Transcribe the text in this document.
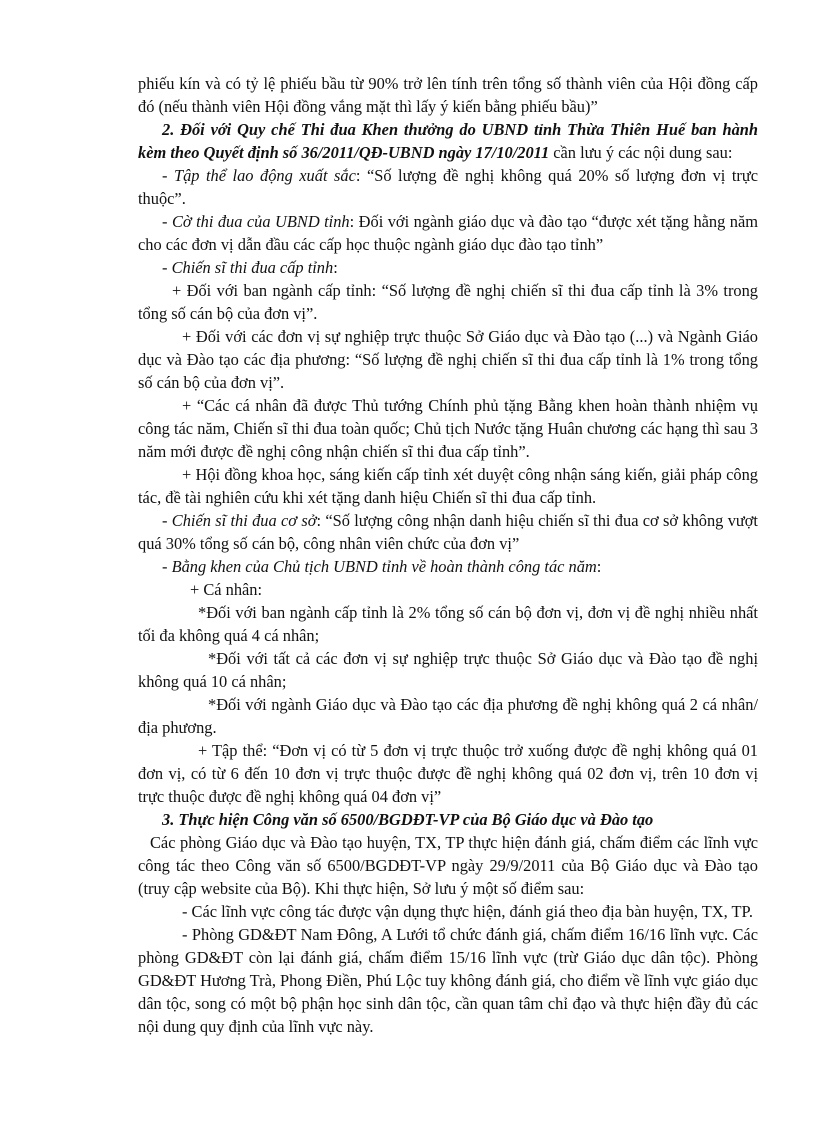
phiếu kín và có tỷ lệ phiếu bầu từ 90% trở lên tính trên tổng số thành viên của Hội đồng cấp đó (nếu thành viên Hội đồng vắng mặt thì lấy ý kiến bằng phiếu bầu)”

2. Đối với Quy chế Thi đua Khen thưởng do UBND tỉnh Thừa Thiên Huế ban hành kèm theo Quyết định số 36/2011/QĐ-UBND ngày 17/10/2011 cần lưu ý các nội dung sau:

- Tập thể lao động xuất sắc: “Số lượng đề nghị không quá 20% số lượng đơn vị trực thuộc”.

- Cờ thi đua của UBND tỉnh: Đối với ngành giáo dục và đào tạo “được xét tặng hằng năm cho các đơn vị dẫn đầu các cấp học thuộc ngành giáo dục đào tạo tỉnh”

- Chiến sĩ thi đua cấp tỉnh:

+ Đối với ban ngành cấp tỉnh: “Số lượng đề nghị chiến sĩ thi đua cấp tỉnh là 3% trong tổng số cán bộ của đơn vị”.

+ Đối với các đơn vị sự nghiệp trực thuộc Sở Giáo dục và Đào tạo (...) và Ngành Giáo dục và Đào tạo các địa phương: “Số lượng đề nghị chiến sĩ thi đua cấp tỉnh là 1% trong tổng số cán bộ của đơn vị”.

+ “Các cá nhân đã được Thủ tướng Chính phủ tặng Bằng khen hoàn thành nhiệm vụ công tác năm, Chiến sĩ thi đua toàn quốc; Chủ tịch Nước tặng Huân chương các hạng thì sau 3 năm mới được đề nghị công nhận chiến sĩ thi đua cấp tỉnh”.

+ Hội đồng khoa học, sáng kiến cấp tỉnh xét duyệt công nhận sáng kiến, giải pháp công tác, đề tài nghiên cứu khi xét tặng danh hiệu Chiến sĩ thi đua cấp tỉnh.

- Chiến sĩ thi đua cơ sở: “Số lượng công nhận danh hiệu chiến sĩ thi đua cơ sở không vượt quá 30% tổng số cán bộ, công nhân viên chức của đơn vị”

- Bằng khen của Chủ tịch UBND tỉnh về hoàn thành công tác năm:

+ Cá nhân:

*Đối với ban ngành cấp tỉnh là 2% tổng số cán bộ đơn vị, đơn vị đề nghị nhiều nhất tối đa không quá 4 cá nhân;

*Đối với tất cả các đơn vị sự nghiệp trực thuộc Sở Giáo dục và Đào tạo đề nghị không quá 10 cá nhân;

*Đối với ngành Giáo dục và Đào tạo các địa phương đề nghị không quá 2 cá nhân/địa phương.

+ Tập thể: “Đơn vị có từ 5 đơn vị trực thuộc trở xuống được đề nghị không quá 01 đơn vị, có từ 6 đến 10 đơn vị trực thuộc được đề nghị không quá 02 đơn vị, trên 10 đơn vị trực thuộc được đề nghị không quá 04 đơn vị”

3. Thực hiện Công văn số 6500/BGDĐT-VP của Bộ Giáo dục và Đào tạo

Các phòng Giáo dục và Đào tạo huyện, TX, TP thực hiện đánh giá, chấm điểm các lĩnh vực công tác theo Công văn số 6500/BGDĐT-VP ngày 29/9/2011 của Bộ Giáo dục và Đào tạo (truy cập website của Bộ). Khi thực hiện, Sở lưu ý một số điểm sau:

- Các lĩnh vực công tác được vận dụng thực hiện, đánh giá theo địa bàn huyện, TX, TP.

- Phòng GD&ĐT Nam Đông, A Lưới tổ chức đánh giá, chấm điểm 16/16 lĩnh vực. Các phòng GD&ĐT còn lại đánh giá, chấm điểm 15/16 lĩnh vực (trừ Giáo dục dân tộc). Phòng GD&ĐT Hương Trà, Phong Điền, Phú Lộc tuy không đánh giá, cho điểm về lĩnh vực giáo dục dân tộc, song có một bộ phận học sinh dân tộc, cần quan tâm chỉ đạo và thực hiện đầy đủ các nội dung quy định của lĩnh vực này.
